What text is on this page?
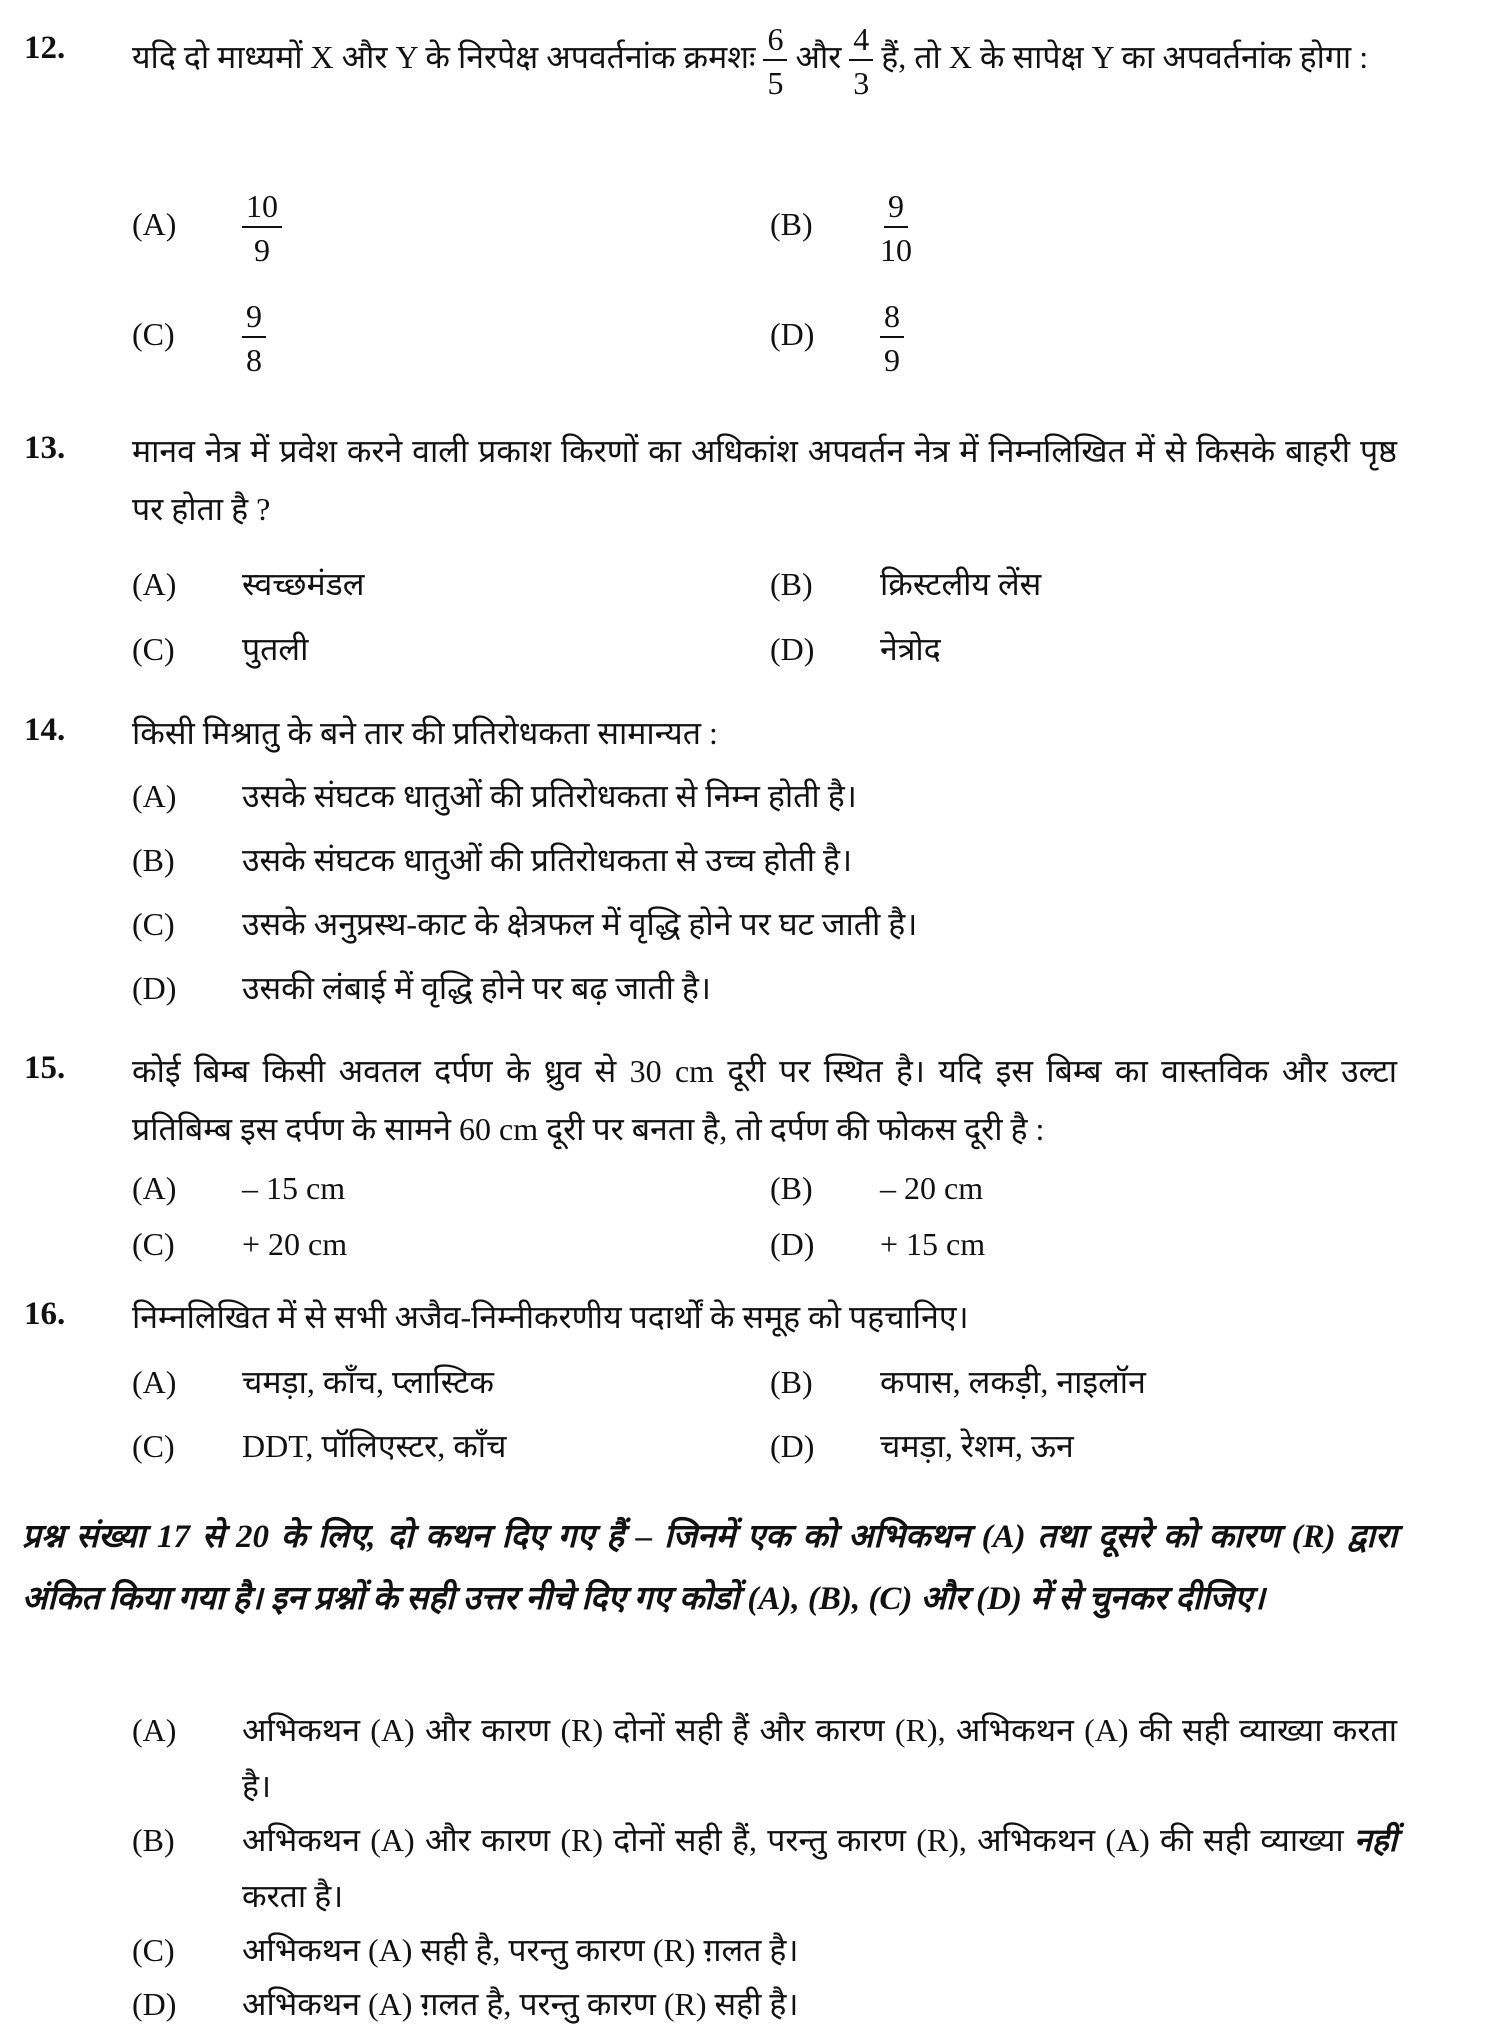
12. यदि दो माध्यमों X और Y के निरपेक्ष अपवर्तनांक क्रमशः $\frac{6}{5}$ और $\frac{4}{3}$ हैं, तो X के सापेक्ष Y का अपवर्तनांक होगा :
$(A) \frac{10}{9}$	$(B) \frac{9}{10}$
$(C) \frac{9}{8}$	$(D) \frac{8}{9}$
13. मानव नेत्र में प्रवेश करने वाली प्रकाश किरणों का अधिकांश अपवर्तन नेत्र में निम्नलिखित में से किसके बाहरी पृष्ठ पर होता है ?
(A) स्वच्छमंडल	(B) क्रिस्टलीय लेंस
(C) पुतली	(D) नेत्रोद
14. किसी मिश्रातु के बने तार की प्रतिरोधकता सामान्यत :
(A) उसके संघटक धातुओं की प्रतिरोधकता से निम्न होती है।
(B) उसके संघटक धातुओं की प्रतिरोधकता से उच्च होती है।
(C) उसके अनुप्रस्थ-काट के क्षेत्रफल में वृद्धि होने पर घट जाती है।
(D) उसकी लंबाई में वृद्धि होने पर बढ़ जाती है।
15. कोई बिम्ब किसी अवतल दर्पण के ध्रुव से 30 cm दूरी पर स्थित है। यदि इस बिम्ब का वास्तविक और उल्टा प्रतिबिम्ब इस दर्पण के सामने 60 cm दूरी पर बनता है, तो दर्पण की फोकस दूरी है :
(A) – 15 cm	(B) – 20 cm
(C) + 20 cm	(D) + 15 cm
16. निम्नलिखित में से सभी अजैव-निम्नीकरणीय पदार्थों के समूह को पहचानिए।
(A) चमड़ा, काँच, प्लास्टिक	(B) कपास, लकड़ी, नाइलॉन
(C) DDT, पॉलिएस्टर, काँच	(D) चमड़ा, रेशम, ऊन
प्रश्न संख्या 17 से 20 के लिए, दो कथन दिए गए हैं – जिनमें एक को अभिकथन (A) तथा दूसरे को कारण (R) द्वारा अंकित किया गया है। इन प्रश्नों के सही उत्तर नीचे दिए गए कोडों (A), (B), (C) और (D) में से चुनकर दीजिए।
(A) अभिकथन (A) और कारण (R) दोनों सही हैं और कारण (R), अभिकथन (A) की सही व्याख्या करता है।
(B) अभिकथन (A) और कारण (R) दोनों सही हैं, परन्तु कारण (R), अभिकथन (A) की सही व्याख्या नहीं करता है।
(C) अभिकथन (A) सही है, परन्तु कारण (R) ग़लत है।
(D) अभिकथन (A) ग़लत है, परन्तु कारण (R) सही है।
